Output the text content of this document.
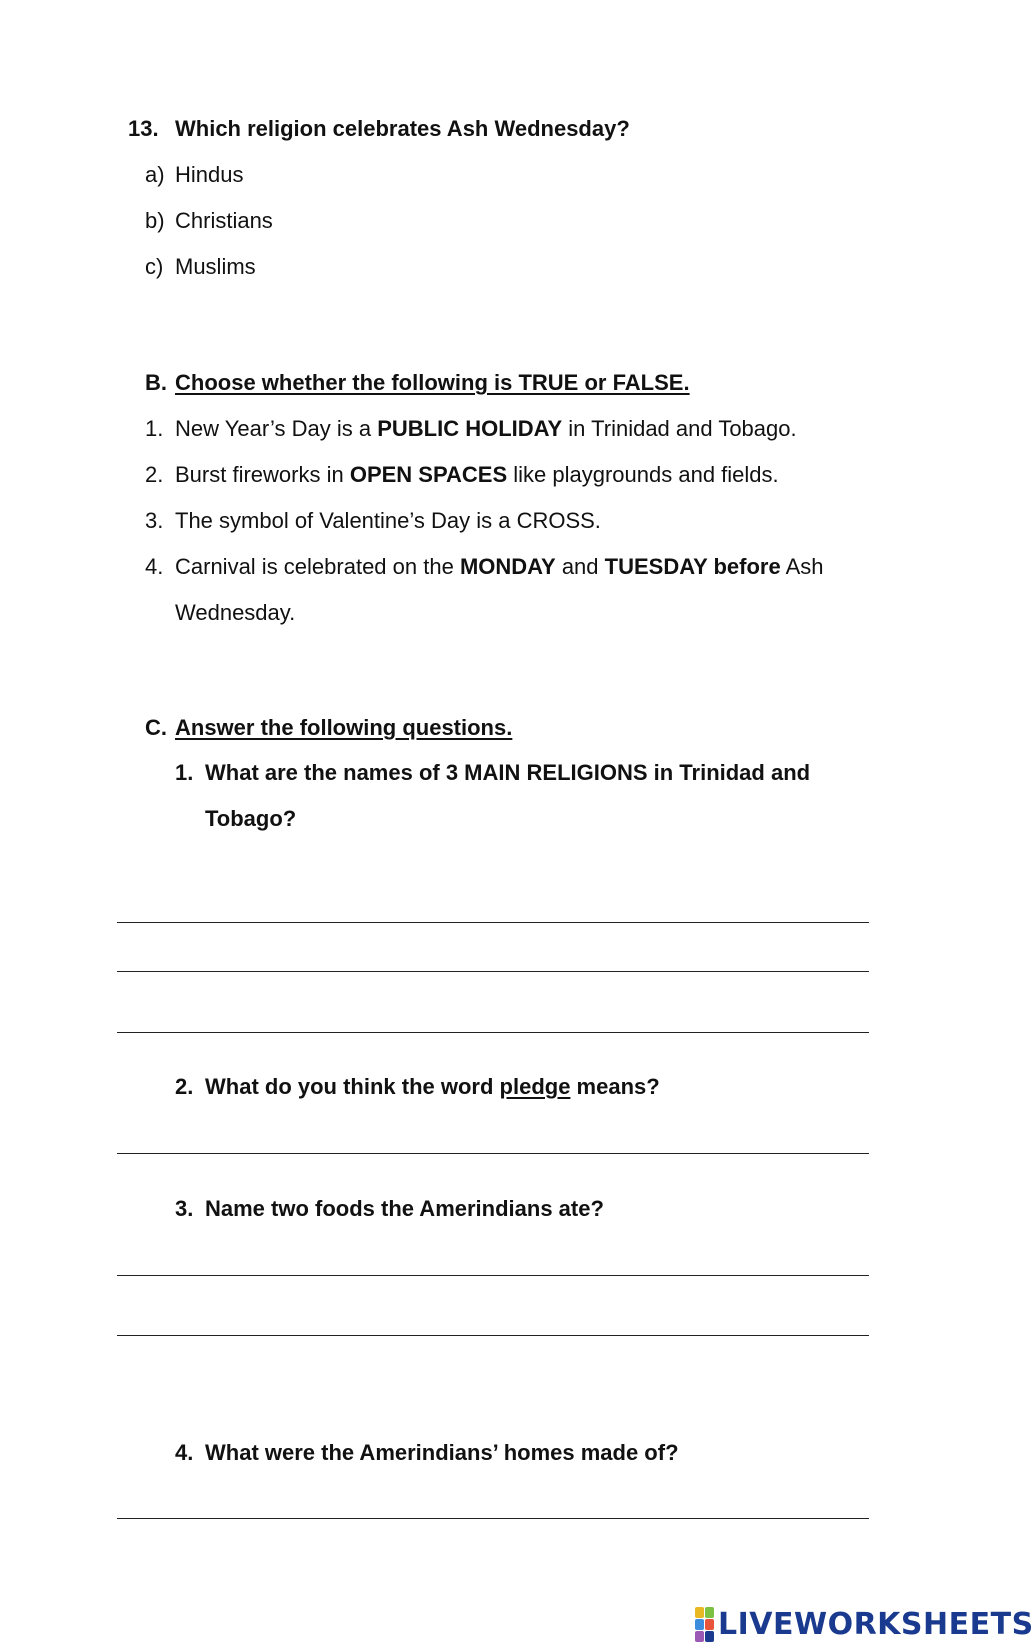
13. Which religion celebrates Ash Wednesday?
a) Hindus
b) Christians
c) Muslims
B. Choose whether the following is TRUE or FALSE.
1. New Year’s Day is a PUBLIC HOLIDAY in Trinidad and Tobago.
2. Burst fireworks in OPEN SPACES like playgrounds and fields.
3. The symbol of Valentine’s Day is a CROSS.
4. Carnival is celebrated on the MONDAY and TUESDAY before Ash
Wednesday.
C. Answer the following questions.
1. What are the names of 3 MAIN RELIGIONS in Trinidad and
Tobago?
2. What do you think the word pledge means?
3. Name two foods the Amerindians ate?
4. What were the Amerindians’ homes made of?
LIVEWORKSHEETS
